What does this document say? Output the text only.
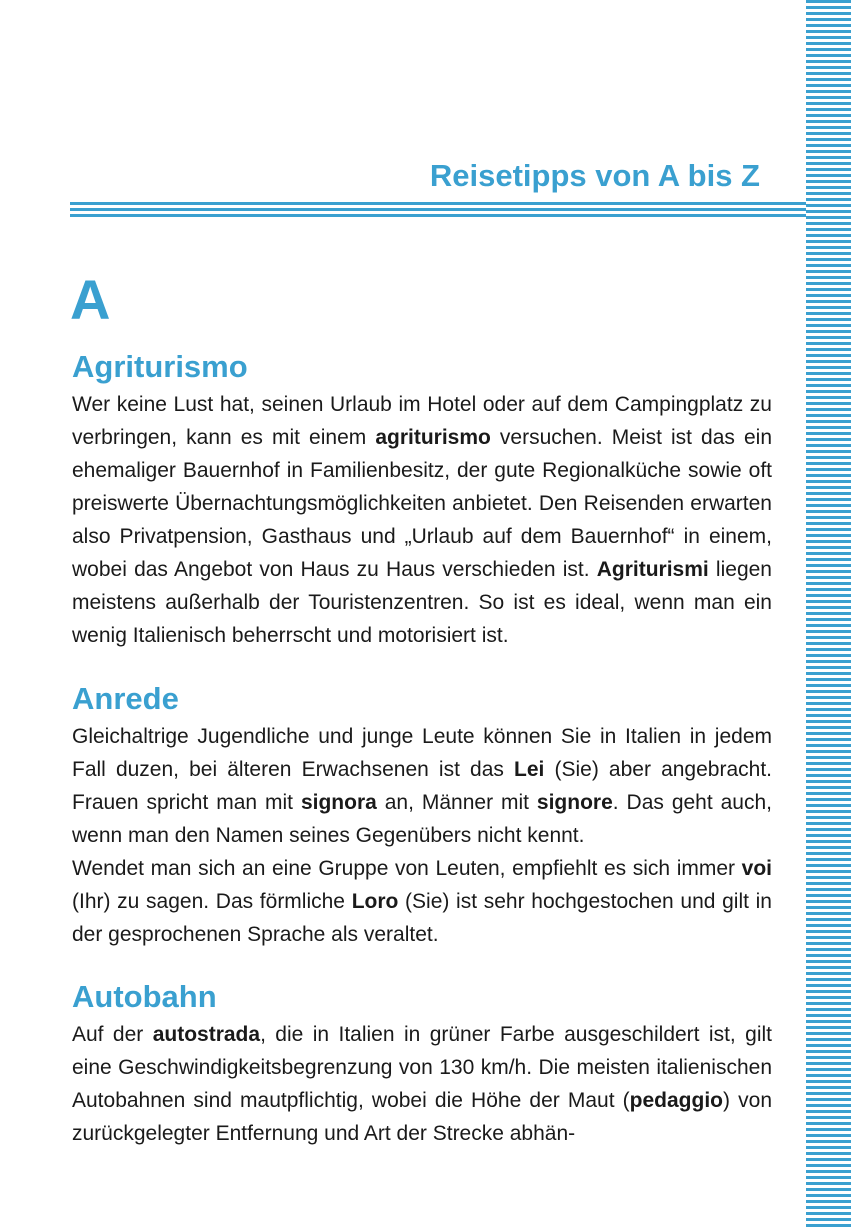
Reisetipps von A bis Z
A
Agriturismo

Wer keine Lust hat, seinen Urlaub im Hotel oder auf dem Campingplatz zu verbringen, kann es mit einem agriturismo versuchen. Meist ist das ein ehemaliger Bauernhof in Familienbesitz, der gute Regionalküche sowie oft preiswerte Übernachtungsmöglichkeiten anbietet. Den Reisenden erwarten also Privatpension, Gasthaus und „Urlaub auf dem Bauernhof“ in einem, wobei das Angebot von Haus zu Haus verschieden ist. Agriturismi liegen meistens außerhalb der Touristenzentren. So ist es ideal, wenn man ein wenig Italienisch beherrscht und motorisiert ist.

Anrede

Gleichaltrige Jugendliche und junge Leute können Sie in Italien in jedem Fall duzen, bei älteren Erwachsenen ist das Lei (Sie) aber angebracht. Frauen spricht man mit signora an, Männer mit signore. Das geht auch, wenn man den Namen seines Gegenübers nicht kennt.

Wendet man sich an eine Gruppe von Leuten, empfiehlt es sich immer voi (Ihr) zu sagen. Das förmliche Loro (Sie) ist sehr hochgestochen und gilt in der gesprochenen Sprache als veraltet.

Autobahn

Auf der autostrada, die in Italien in grüner Farbe ausgeschildert ist, gilt eine Geschwindigkeitsbegrenzung von 130 km/h. Die meisten italienischen Autobahnen sind mautpflichtig, wobei die Höhe der Maut (pedaggio) von zurückgelegter Entfernung und Art der Strecke abhän-
